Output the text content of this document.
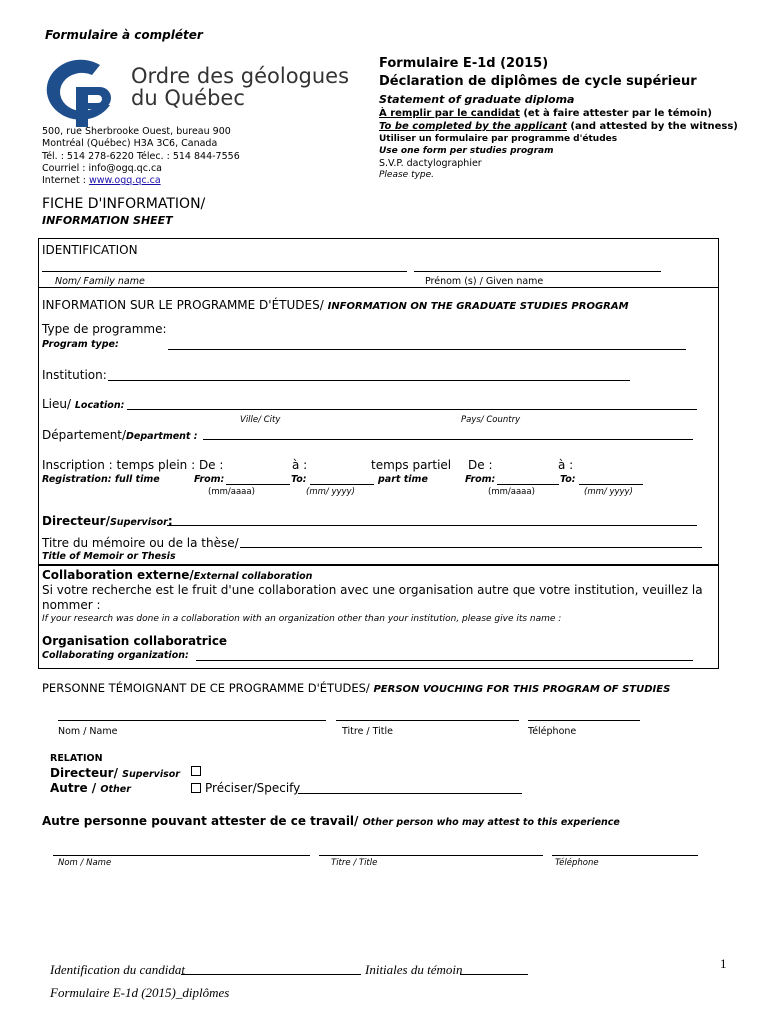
Formulaire à compléter
Ordre des géologues
du Québec
500, rue Sherbrooke Ouest, bureau 900
Montréal (Québec) H3A 3C6, Canada
Tél. : 514 278-6220 Télec. : 514 844-7556
Courriel : info@ogq.qc.ca
Internet : www.ogq.qc.ca
Formulaire E-1d (2015)
Déclaration de diplômes de cycle supérieur
Statement of graduate diploma
À remplir par le candidat (et à faire attester par le témoin)
To be completed by the applicant (and attested by the witness)
Utiliser un formulaire par programme d'études
Use one form per studies program
S.V.P. dactylographier
Please type.
FICHE D'INFORMATION/
INFORMATION SHEET
IDENTIFICATION
Nom/ Family name	Prénom (s) / Given name
INFORMATION SUR LE PROGRAMME D'ÉTUDES/ INFORMATION ON THE GRADUATE STUDIES PROGRAM
Type de programme:
Program type:
Institution:
Lieu/ Location:
Ville/ City	Pays/ Country
Département/Department :
Inscription : temps plein : De :	à :	temps partiel De :	à :
Registration: full time	From:	To:	part time	From:	To:
(mm/aaaa)	(mm/ yyyy)	(mm/aaaa)	(mm/ yyyy)
Directeur/Supervisor:
Titre du mémoire ou de la thèse/
Title of Memoir or Thesis
Collaboration externe/External collaboration
Si votre recherche est le fruit d'une collaboration avec une organisation autre que votre institution, veuillez la
nommer :
If your research was done in a collaboration with an organization other than your institution, please give its name :
Organisation collaboratrice
Collaborating organization:
PERSONNE TÉMOIGNANT DE CE PROGRAMME D'ÉTUDES/ PERSON VOUCHING FOR THIS PROGRAM OF STUDIES
Nom / Name	Titre / Title	Téléphone
RELATION
Directeur/ Supervisor
Autre / Other	Préciser/Specify
Autre personne pouvant attester de ce travail/ Other person who may attest to this experience
Nom / Name	Titre / Title	Téléphone
1
Identification du candidat	Initiales du témoin
Formulaire E-1d (2015)_diplômes
